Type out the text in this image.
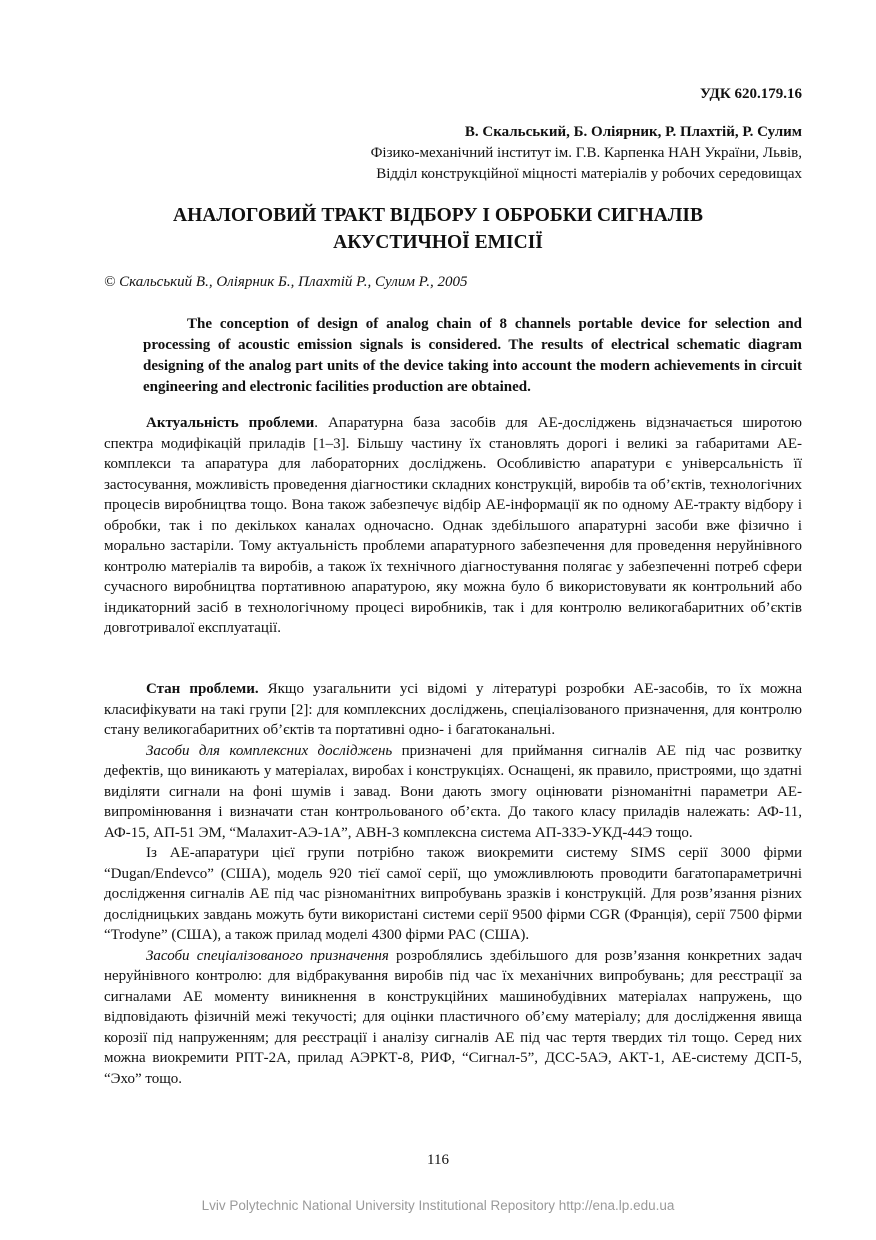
УДК 620.179.16
В. Скальський, Б. Оліярник, Р. Плахтій, Р. Сулим
Фізико-механічний інститут ім. Г.В. Карпенка НАН України, Львів,
Відділ конструкційної міцності матеріалів у робочих середовищах
АНАЛОГОВИЙ ТРАКТ ВІДБОРУ І ОБРОБКИ СИГНАЛІВ
АКУСТИЧНОЇ ЕМІСІЇ
© Скальський В., Оліярник Б., Плахтій Р., Сулим Р., 2005
The conception of design of analog chain of 8 channels portable device for selection and processing of acoustic emission signals is considered. The results of electrical schematic diagram designing of the analog part units of the device taking into account the modern achievements in circuit engineering and electronic facilities production are obtained.

Актуальність проблеми. Апаратурна база засобів для АЕ-досліджень відзначається широтою спектра модифікацій приладів [1–3]. Більшу частину їх становлять дорогі і великі за габаритами АЕ-комплекси та апаратура для лабораторних досліджень. Особливістю апаратури є універсальність її застосування, можливість проведення діагностики складних конструкцій, виробів та об’єктів, технологічних процесів виробництва тощо. Вона також забезпечує відбір АЕ-інформації як по одному АЕ-тракту відбору і обробки, так і по декількох каналах одночасно. Однак здебільшого апаратурні засоби вже фізично і морально застаріли. Тому актуальність проблеми апаратурного забезпечення для проведення неруйнівного контролю матеріалів та виробів, а також їх технічного діагностування полягає у забезпеченні потреб сфери сучасного виробництва портативною апаратурою, яку можна було б використовувати як контрольний або індикаторний засіб в технологічному процесі виробників, так і для контролю великогабаритних об’єктів довготривалої експлуатації.

Стан проблеми. Якщо узагальнити усі відомі у літературі розробки АЕ-засобів, то їх можна класифікувати на такі групи [2]: для комплексних досліджень, спеціалізованого призначення, для контролю стану великогабаритних об’єктів та портативні одно- і багатоканальні.

Засоби для комплексних досліджень призначені для приймання сигналів АЕ під час розвитку дефектів, що виникають у матеріалах, виробах і конструкціях. Оснащені, як правило, пристроями, що здатні виділяти сигнали на фоні шумів і завад. Вони дають змогу оцінювати різноманітні параметри АЕ-випромінювання і визначати стан контрольованого об’єкта. До такого класу приладів належать: АФ-11, АФ-15, АП-51 ЭМ, “Малахит-АЭ-1А”, АВН-3 комплексна система АП-ЗЗЭ-УКД-44Э тощо.

Із АЕ-апаратури цієї групи потрібно також виокремити систему SIMS серії 3000 фірми “Dugan/Endevco” (США), модель 920 тієї самої серії, що уможливлюють проводити багатопараметричні дослідження сигналів АЕ під час різноманітних випробувань зразків і конструкцій. Для розв’язання різних дослідницьких завдань можуть бути використані системи серії 9500 фірми CGR (Франція), серії 7500 фірми “Trodyne” (США), а також прилад моделі 4300 фірми PAC (США).

Засоби спеціалізованого призначення розроблялись здебільшого для розв’язання конкретних задач неруйнівного контролю: для відбракування виробів під час їх механічних випробувань; для реєстрації за сигналами АЕ моменту виникнення в конструкційних машинобудівних матеріалах напружень, що відповідають фізичній межі текучості; для оцінки пластичного об’єму матеріалу; для дослідження явища корозії під напруженням; для реєстрації і аналізу сигналів АЕ під час тертя твердих тіл тощо. Серед них можна виокремити РПТ-2А, прилад АЭРКТ-8, РИФ, “Сигнал-5”, ДСС-5АЭ, АКТ-1, АЕ-систему ДСП-5, “Эхо” тощо.

116
Lviv Polytechnic National University Institutional Repository http://ena.lp.edu.ua
